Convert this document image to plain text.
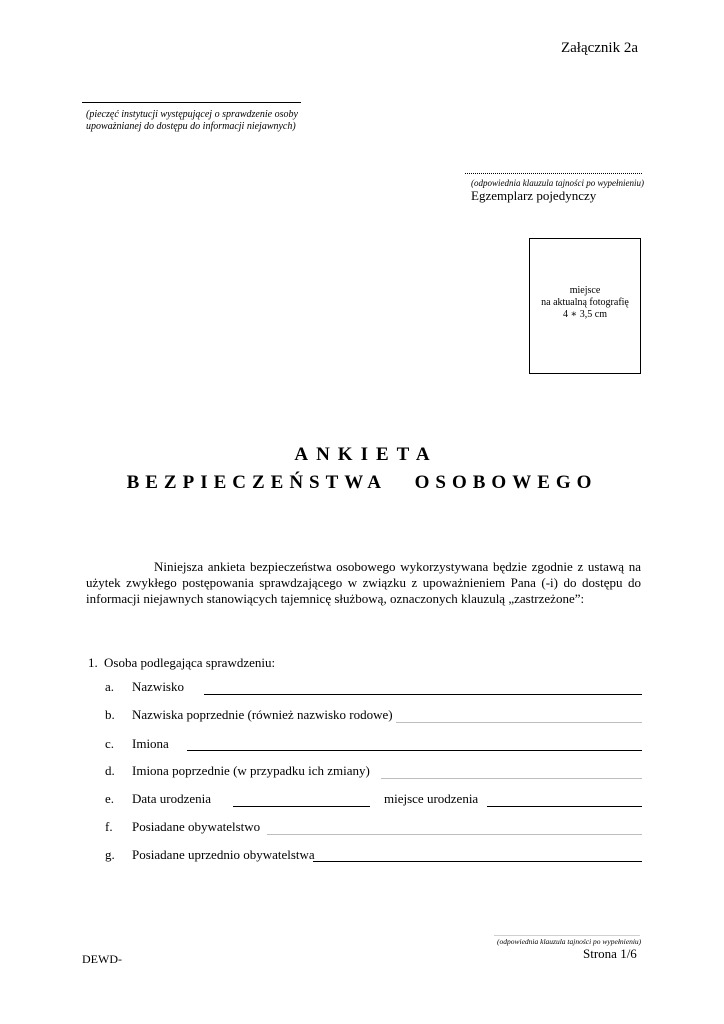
Załącznik 2a
(pieczęć instytucji występującej o sprawdzenie osoby upoważnianej do dostępu do informacji niejawnych)
(odpowiednia klauzula tajności po wypełnieniu)
Egzemplarz pojedynczy
miejsce
na aktualną fotografię
4 ∗ 3,5 cm
ANKIETA
BEZPIECZEŃSTWA OSOBOWEGO
Niniejsza ankieta bezpieczeństwa osobowego wykorzystywana będzie zgodnie z ustawą na użytek zwykłego postępowania sprawdzającego w związku z upoważnieniem Pana (-i) do dostępu do informacji niejawnych stanowiących tajemnicę służbową, oznaczonych klauzulą „zastrzeżone”:
1. Osoba podlegająca sprawdzeniu:
a. Nazwisko
b. Nazwiska poprzednie (również nazwisko rodowe)
c. Imiona
d. Imiona poprzednie (w przypadku ich zmiany)
e. Data urodzenia	miejsce urodzenia
f. Posiadane obywatelstwo
g. Posiadane uprzednio obywatelstwa
(odpowiednia klauzula tajności po wypełnieniu)
Strona 1/6
DEWD-
